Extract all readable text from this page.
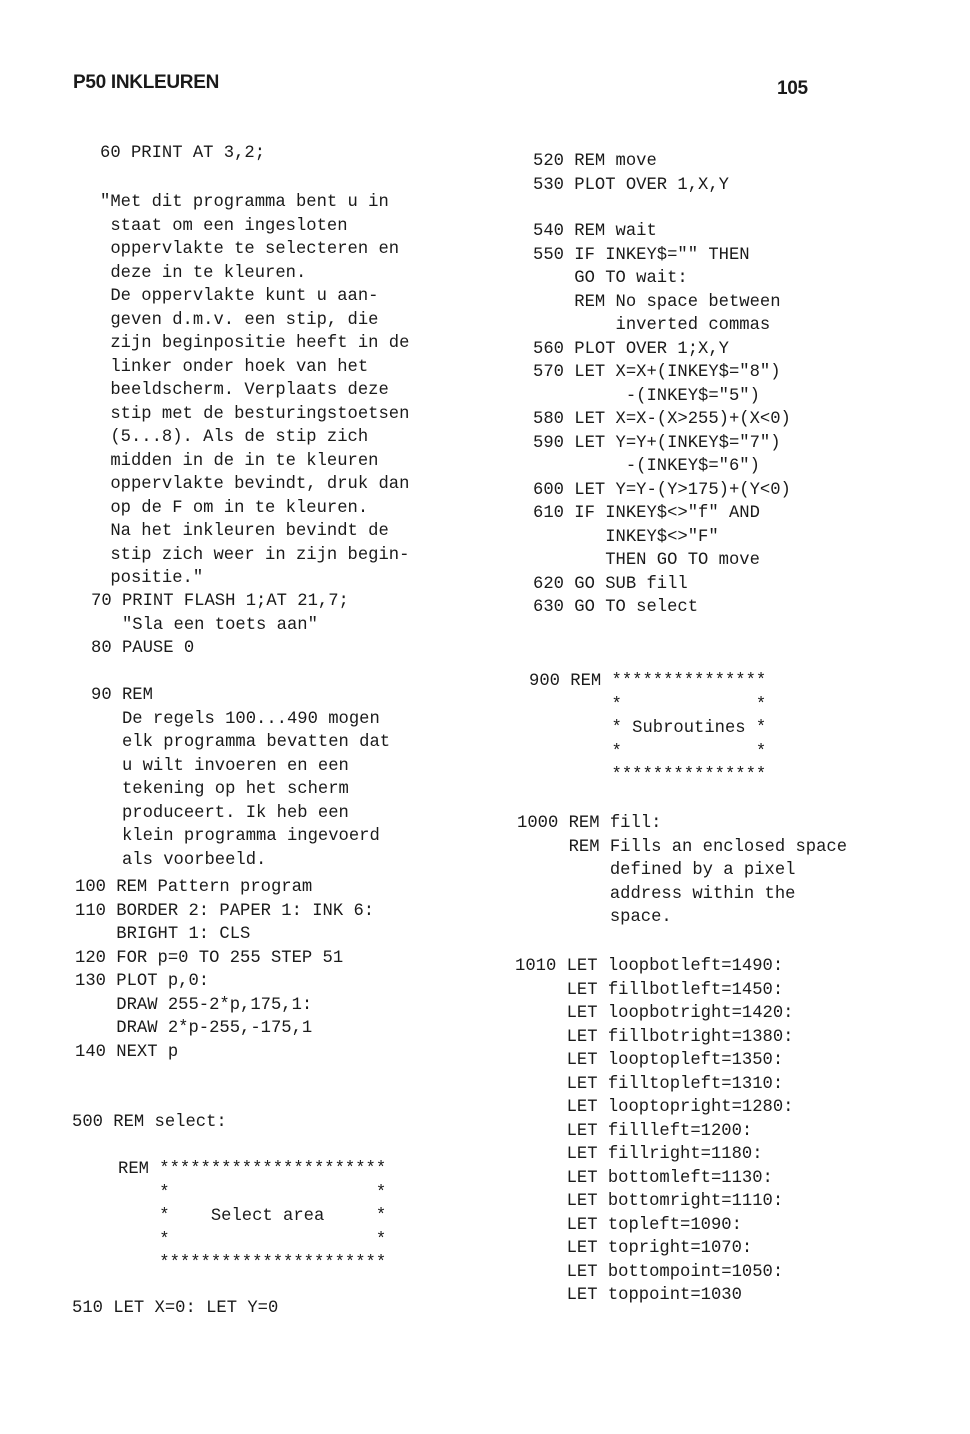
P50 INKLEUREN	105
60 PRINT AT 3,2;
"Met dit programma bent u in
staat om een ingesloten
oppervlakte te selecteren en
deze in te kleuren.
De oppervlakte kunt u aan-
geven d.m.v. een stip, die
zijn beginpositie heeft in de
linker onder hoek van het
beeldscherm. Verplaats deze
stip met de besturingstoetsen
(5...8). Als de stip zich
midden in de in te kleuren
oppervlakte bevindt, druk dan
op de F om in te kleuren.
Na het inkleuren bevindt de
stip zich weer in zijn begin-
positie."
70 PRINT FLASH 1;AT 21,7;
"Sla een toets aan"
80 PAUSE 0
90 REM
De regels 100...490 mogen
elk programma bevatten dat
u wilt invoeren en een
tekening op het scherm
produceert. Ik heb een
klein programma ingevoerd
als voorbeeld.
100 REM Pattern program
110 BORDER 2: PAPER 1: INK 6:
BRIGHT 1: CLS
120 FOR p=0 TO 255 STEP 51
130 PLOT p,0:
DRAW 255-2*p,175,1:
DRAW 2*p-255,-175,1
140 NEXT p
500 REM select:
REM **********************
*                    *
*    Select area     *
*                    *
**********************
510 LET X=0: LET Y=0
520 REM move
530 PLOT OVER 1,X,Y
540 REM wait
550 IF INKEY$="" THEN
GO TO wait:
REM No space between
inverted commas
560 PLOT OVER 1;X,Y
570 LET X=X+(INKEY$="8")
-(INKEY$="5")
580 LET X=X-(X>255)+(X<0)
590 LET Y=Y+(INKEY$="7")
-(INKEY$="6")
600 LET Y=Y-(Y>175)+(Y<0)
610 IF INKEY$<>"f" AND
INKEY$<>"F"
THEN GO TO move
620 GO SUB fill
630 GO TO select
900 REM ***************
*             *
* Subroutines *
*             *
***************
1000 REM fill:
REM Fills an enclosed space
defined by a pixel
address within the
space.
1010 LET loopbotleft=1490:
LET fillbotleft=1450:
LET loopbotright=1420:
LET fillbotright=1380:
LET looptopleft=1350:
LET filltopleft=1310:
LET looptopright=1280:
LET fillleft=1200:
LET fillright=1180:
LET bottomleft=1130:
LET bottomright=1110:
LET topleft=1090:
LET topright=1070:
LET bottompoint=1050:
LET toppoint=1030
